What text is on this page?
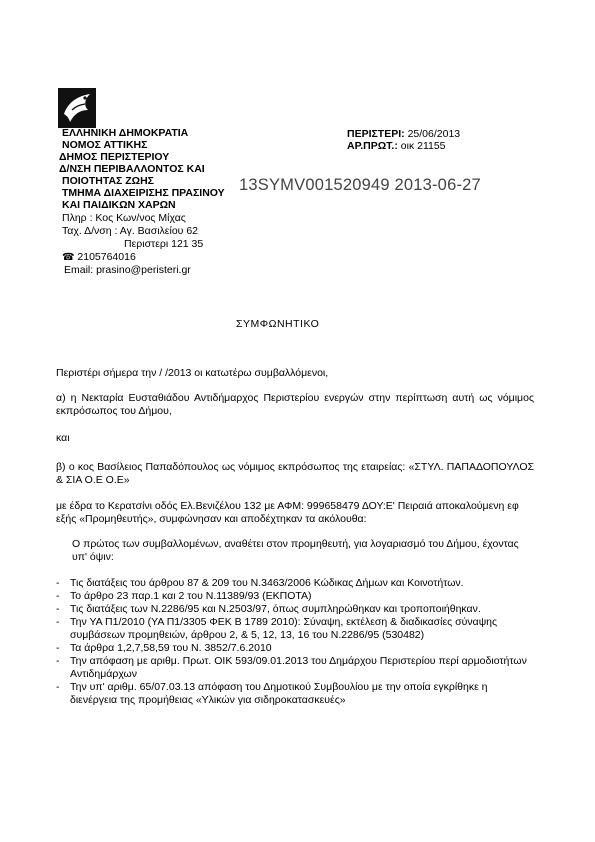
ΕΛΛΗΝΙΚΗ ΔΗΜΟΚΡΑΤΙΑ
ΝΟΜΟΣ ΑΤΤΙΚΗΣ
ΔΗΜΟΣ ΠΕΡΙΣΤΕΡΙΟΥ
Δ/ΝΣΗ ΠΕΡΙΒΑΛΛΟΝΤΟΣ ΚΑΙ
ΠΟΙΟΤΗΤΑΣ ΖΩΗΣ
ΤΜΗΜΑ ΔΙΑΧΕΙΡΙΣΗΣ ΠΡΑΣΙΝΟΥ
ΚΑΙ ΠΑΙΔΙΚΩΝ ΧΑΡΩΝ
Πληρ : Κος Κων/νος Μίχας
Ταχ. Δ/νση : Αγ. Βασιλείου 62
Περιστερι 121 35
☎ 2105764016
Email: prasino@peristeri.gr
ΠΕΡΙΣΤΕΡΙ: 25/06/2013
ΑΡ.ΠΡΩΤ.: οικ 21155
13SYMV001520949 2013-06-27
ΣΥΜΦΩΝΗΤΙΚΟ
Περιστέρι σήμερα την / /2013 οι κατωτέρω συμβαλλόμενοι,
α) η Νεκταρία Ευσταθιάδου Αντιδήμαρχος Περιστερίου ενεργών στην περίπτωση αυτή ως νόμιμος εκπρόσωπος του Δήμου,
και
β) ο κος Βασίλειος Παπαδόπουλος ως νόμιμος εκπρόσωπος της εταιρείας: «ΣΤΥΛ. ΠΑΠΑΔΟΠΟΥΛΟΣ & ΣΙΑ Ο.Ε Ο.Ε»
με έδρα το Κερατσίνι οδός Ελ.Βενιζέλου 132 με ΑΦΜ: 999658479 ΔΟΥ:Ε' Πειραιά αποκαλούμενη εφ εξής «Προμηθευτής», συμφώνησαν και αποδέχτηκαν τα ακόλουθα:
Ο πρώτος των συμβαλλομένων, αναθέτει στον προμηθευτή, για λογαριασμό του Δήμου, έχοντας υπ' όψιν:
-	Τις διατάξεις του άρθρου 87 & 209 του Ν.3463/2006 Κώδικας Δήμων και Κοινοτήτων.
-	Το άρθρο 23 παρ.1 και 2 του Ν.11389/93 (ΕΚΠΟΤΑ)
-	Τις διατάξεις των Ν.2286/95 και Ν.2503/97, όπως συμπληρώθηκαν και τροποποιήθηκαν.
-	Την ΥΑ Π1/2010 (ΥΑ Π1/3305 ΦΕΚ Β 1789 2010): Σύναψη, εκτέλεση & διαδικασίες σύναψης συμβάσεων προμηθειών, άρθρου 2, & 5, 12, 13, 16 του Ν.2286/95 (530482)
-	Τα άρθρα 1,2,7,58,59 του Ν. 3852/7.6.2010
-	Την απόφαση με αριθμ. Πρωτ. ΟΙΚ 593/09.01.2013 του Δημάρχου Περιστερίου περί αρμοδιοτήτων Αντιδημάρχων
-	Την υπ' αριθμ. 65/07.03.13 απόφαση του Δημοτικού Συμβουλίου με την οποία εγκρίθηκε η διενέργεια της προμήθειας «Υλικών για σιδηροκατασκευές»
